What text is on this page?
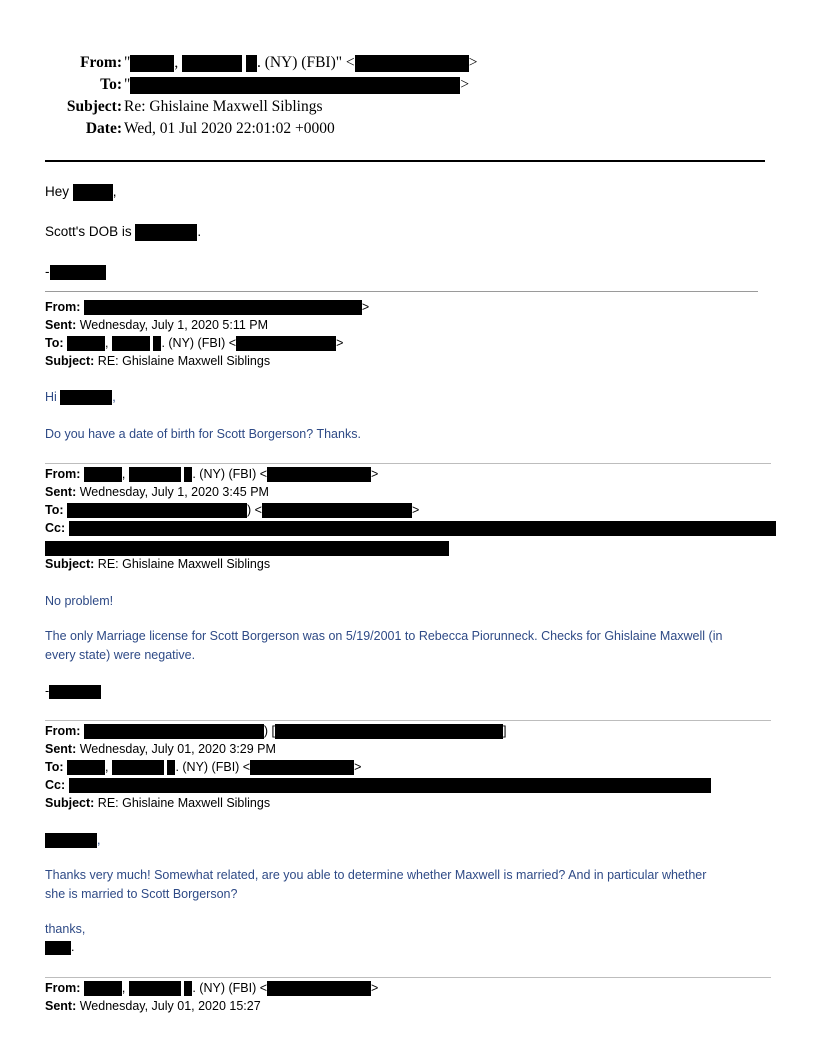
From: "	,	. (NY) (FBI)" <	>
To: "	>
Subject: Re: Ghislaine Maxwell Siblings
Date: Wed, 01 Jul 2020 22:01:02 +0000
Hey	,
Scott's DOB is	.
-
From:	>
Sent: Wednesday, July 1, 2020 5:11 PM
To:	,	. (NY) (FBI) <	>
Subject: RE: Ghislaine Maxwell Siblings
Hi	,
Do you have a date of birth for Scott Borgerson? Thanks.
From:	,	. (NY) (FBI) <	>
Sent: Wednesday, July 1, 2020 3:45 PM
To:	) <	>
Cc:
Subject: RE: Ghislaine Maxwell Siblings
No problem!
The only Marriage license for Scott Borgerson was on 5/19/2001 to Rebecca Piorunneck. Checks for Ghislaine Maxwell (in
every state) were negative.
-
From:	) [	]
Sent: Wednesday, July 01, 2020 3:29 PM
To:	,	. (NY) (FBI) <	>
Cc:
Subject: RE: Ghislaine Maxwell Siblings
,
Thanks very much! Somewhat related, are you able to determine whether Maxwell is married? And in particular whether
she is married to Scott Borgerson?
thanks,
.
From:	,	. (NY) (FBI) <	>
Sent: Wednesday, July 01, 2020 15:27
